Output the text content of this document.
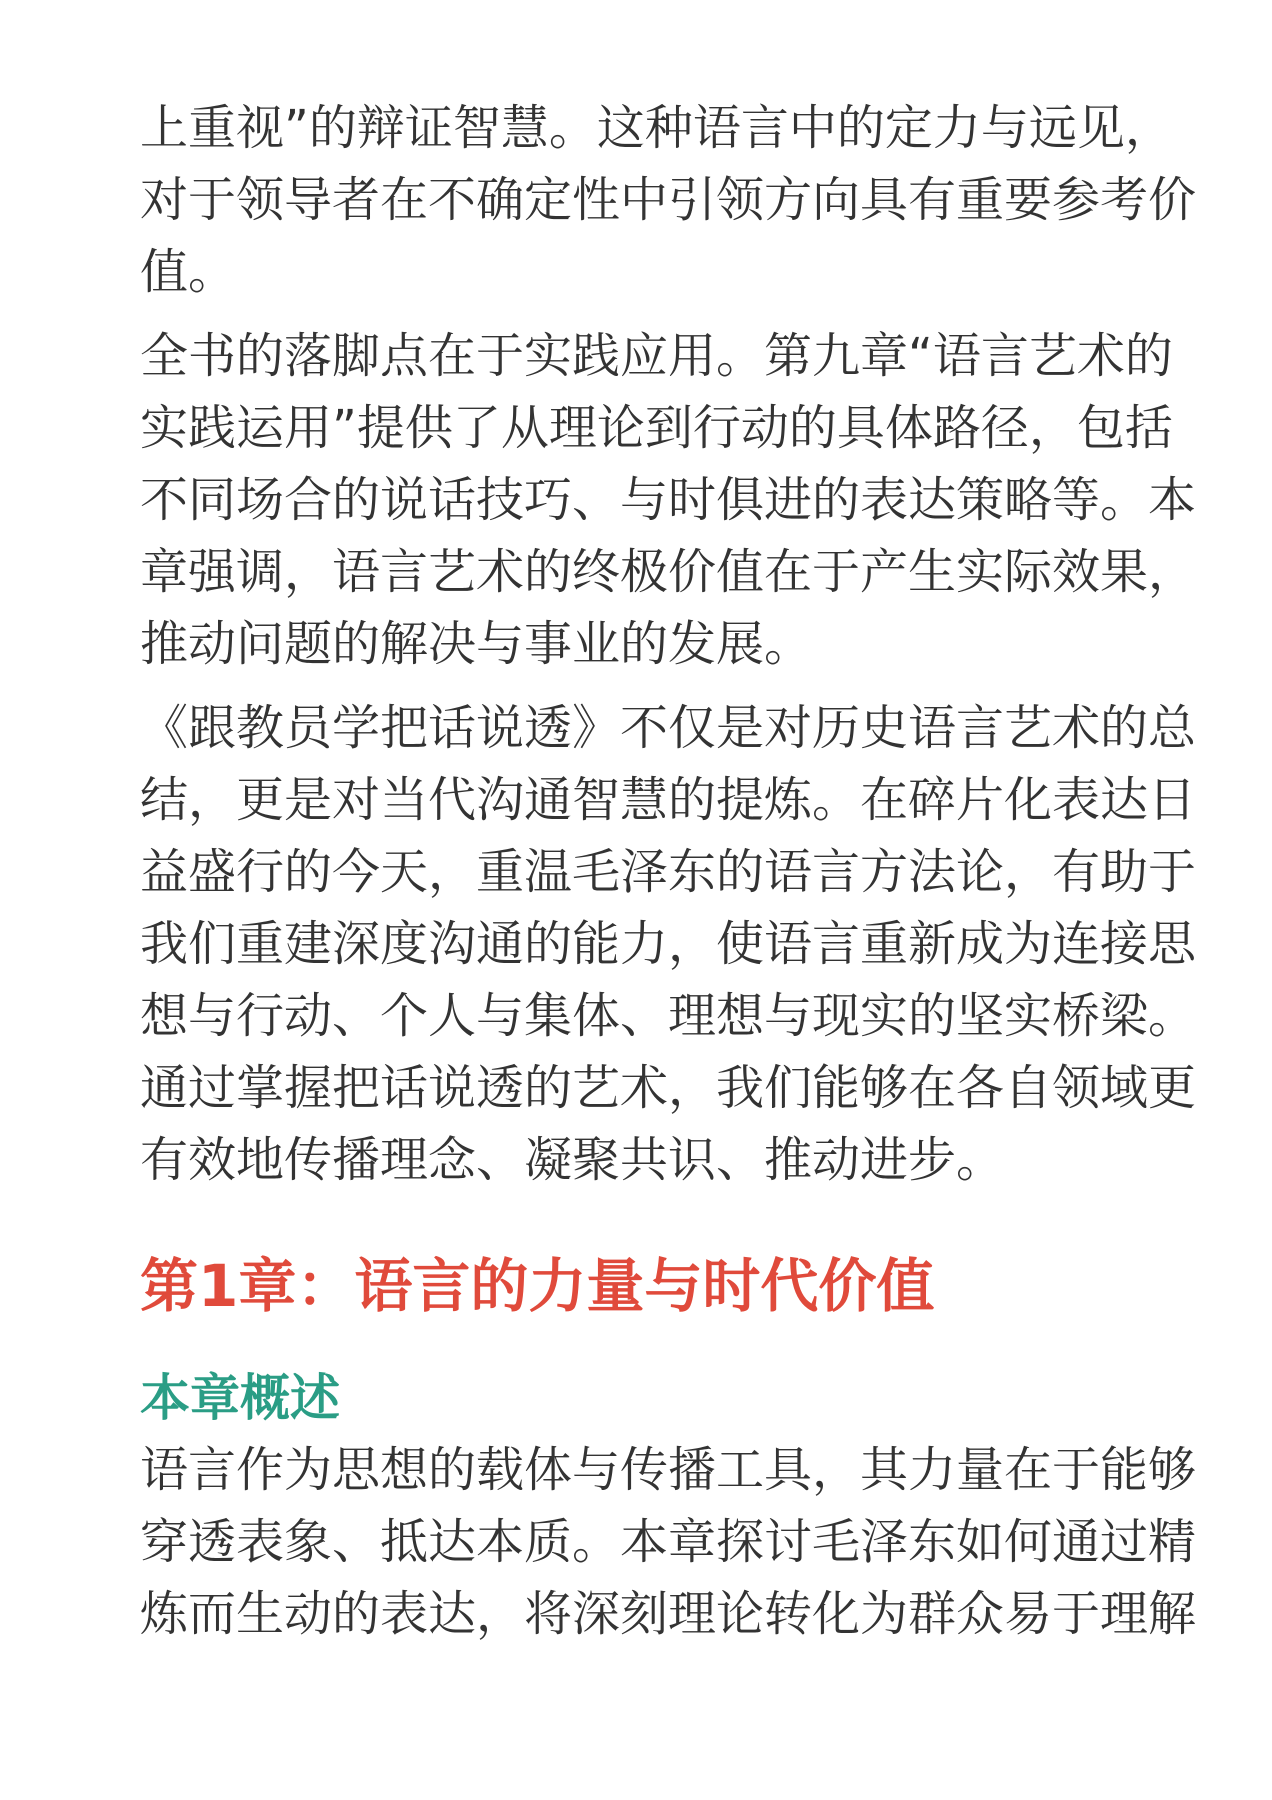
上重视”的辩证智慧。这种语言中的定力与远见，
对于领导者在不确定性中引领方向具有重要参考价
值。
全书的落脚点在于实践应用。第九章“语言艺术的
实践运用”提供了从理论到行动的具体路径，包括
不同场合的说话技巧、与时俱进的表达策略等。本
章强调，语言艺术的终极价值在于产生实际效果，
推动问题的解决与事业的发展。
《跟教员学把话说透》不仅是对历史语言艺术的总
结，更是对当代沟通智慧的提炼。在碎片化表达日
益盛行的今天，重温毛泽东的语言方法论，有助于
我们重建深度沟通的能力，使语言重新成为连接思
想与行动、个人与集体、理想与现实的坚实桥梁。
通过掌握把话说透的艺术，我们能够在各自领域更
有效地传播理念、凝聚共识、推动进步。
第1章：语言的力量与时代价值
本章概述
语言作为思想的载体与传播工具，其力量在于能够
穿透表象、抵达本质。本章探讨毛泽东如何通过精
炼而生动的表达，将深刻理论转化为群众易于理解
